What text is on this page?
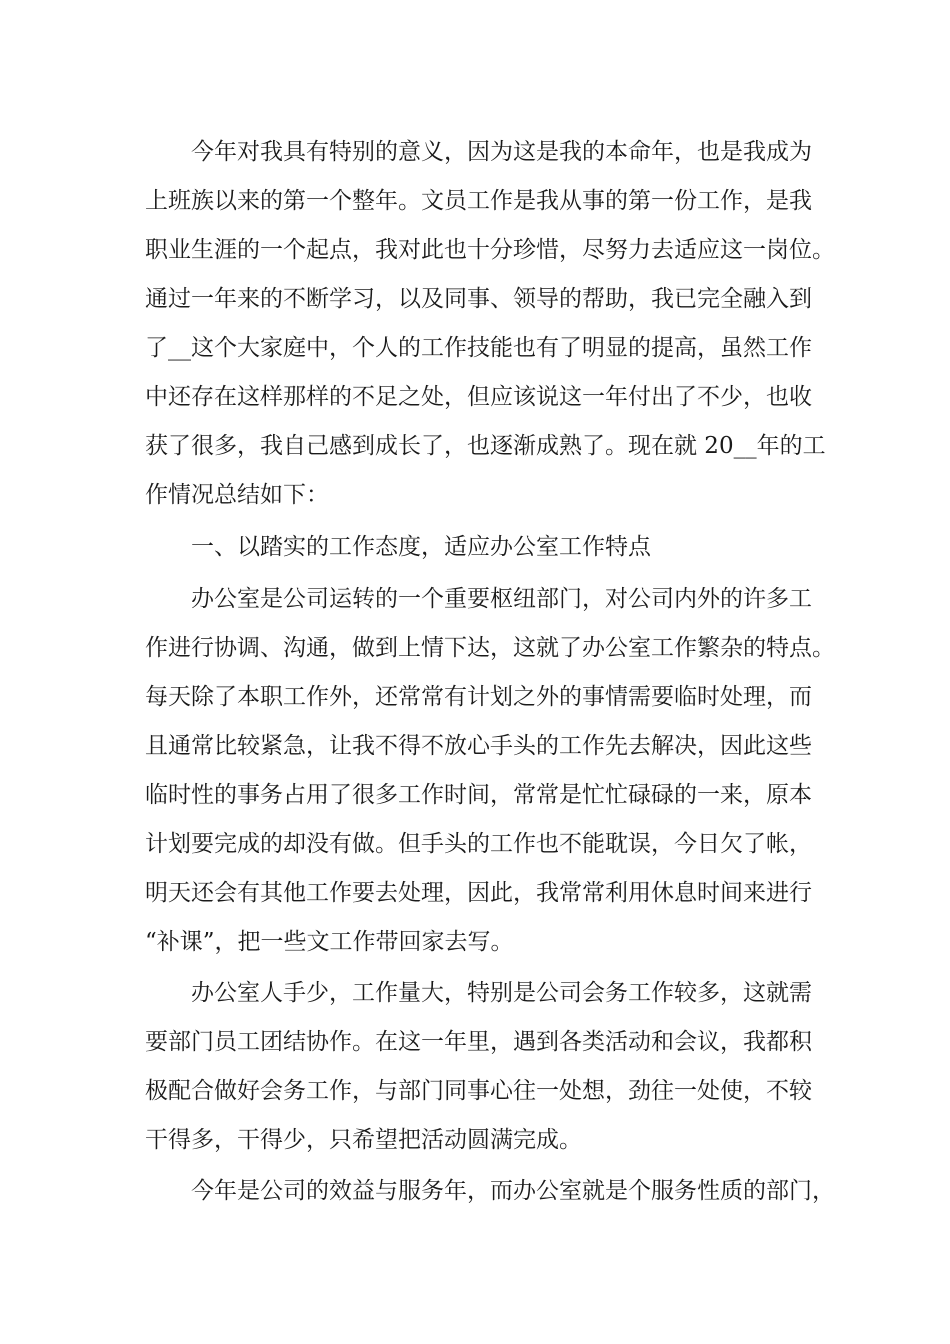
今年对我具有特别的意义，因为这是我的本命年，也是我成为
上班族以来的第一个整年。文员工作是我从事的第一份工作，是我
职业生涯的一个起点，我对此也十分珍惜，尽努力去适应这一岗位。
通过一年来的不断学习，以及同事、领导的帮助，我已完全融入到
了__这个大家庭中，个人的工作技能也有了明显的提高，虽然工作
中还存在这样那样的不足之处，但应该说这一年付出了不少，也收
获了很多，我自己感到成长了，也逐渐成熟了。现在就 20__年的工
作情况总结如下：
一、以踏实的工作态度，适应办公室工作特点
办公室是公司运转的一个重要枢纽部门，对公司内外的许多工
作进行协调、沟通，做到上情下达，这就了办公室工作繁杂的特点。
每天除了本职工作外，还常常有计划之外的事情需要临时处理，而
且通常比较紧急，让我不得不放心手头的工作先去解决，因此这些
临时性的事务占用了很多工作时间，常常是忙忙碌碌的一来，原本
计划要完成的却没有做。但手头的工作也不能耽误，今日欠了帐，
明天还会有其他工作要去处理，因此，我常常利用休息时间来进行
“补课”，把一些文工作带回家去写。
办公室人手少，工作量大，特别是公司会务工作较多，这就需
要部门员工团结协作。在这一年里，遇到各类活动和会议，我都积
极配合做好会务工作，与部门同事心往一处想，劲往一处使，不较
干得多，干得少，只希望把活动圆满完成。
今年是公司的效益与服务年，而办公室就是个服务性质的部门，
